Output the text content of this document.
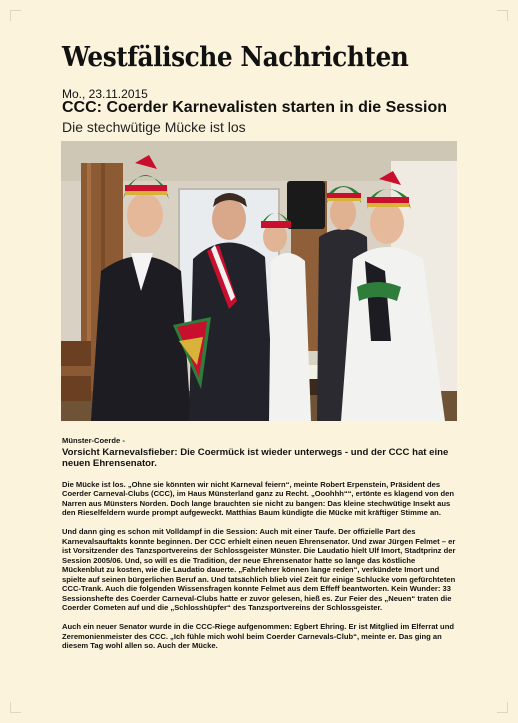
Westfälische Nachrichten
Mo., 23.11.2015
CCC: Coerder Karnevalisten starten in die Session
Die stechwütige Mücke ist los
Münster-Coerde -
Vorsicht Karnevalsfieber: Die Coermück ist wieder unterwegs - und der CCC hat eine neuen Ehrensenator.

Die Mücke ist los. „Ohne sie könnten wir nicht Karneval feiern“, meinte Robert Erpenstein, Präsident des Coerder Carneval-Clubs (CCC), im Haus Münsterland ganz zu Recht. „Ooohhh““, ertönte es klagend von den Narren aus Münsters Norden. Doch lange brauchten sie nicht zu bangen: Das kleine stechwütige Insekt aus den Rieselfeldern wurde prompt aufgeweckt. Matthias Baum kündigte die Mücke mit kräftiger Stimme an.

Und dann ging es schon mit Volldampf in die Session: Auch mit einer Taufe. Der offizielle Part des Karnevalsauftakts konnte beginnen. Der CCC erhielt einen neuen Ehrensenator. Und zwar Jürgen Felmet – er ist Vorsitzender des Tanzsportvereins der Schlossgeister Münster. Die Laudatio hielt Ulf Imort, Stadtprinz der Session 2005/06. Und, so will es die Tradition, der neue Ehrensenator hatte so lange das köstliche Mückenblut zu kosten, wie die Laudatio dauerte. „Fahrlehrer können lange reden“, verkündete Imort und spielte auf seinen bürgerlichen Beruf an. Und tatsächlich blieb viel Zeit für einige Schlucke vom gefürchteten CCC-Trank. Auch die folgenden Wissensfragen konnte Felmet aus dem Effeff beantworten. Kein Wunder: 33 Sessionshefte des Coerder Carneval-Clubs hatte er zuvor gelesen, hieß es. Zur Feier des „Neuen“ traten die Coerder Cometen auf und die „Schlosshüpfer“ des Tanzsportvereins der Schlossgeister.

Auch ein neuer Senator wurde in die CCC-Riege aufgenommen: Egbert Ehring. Er ist Mitglied im Elferrat und Zeremonienmeister des CCC. „Ich fühle mich wohl beim Coerder Carnevals-Club“, meinte er. Das ging an diesem Tag wohl allen so. Auch der Mücke.
